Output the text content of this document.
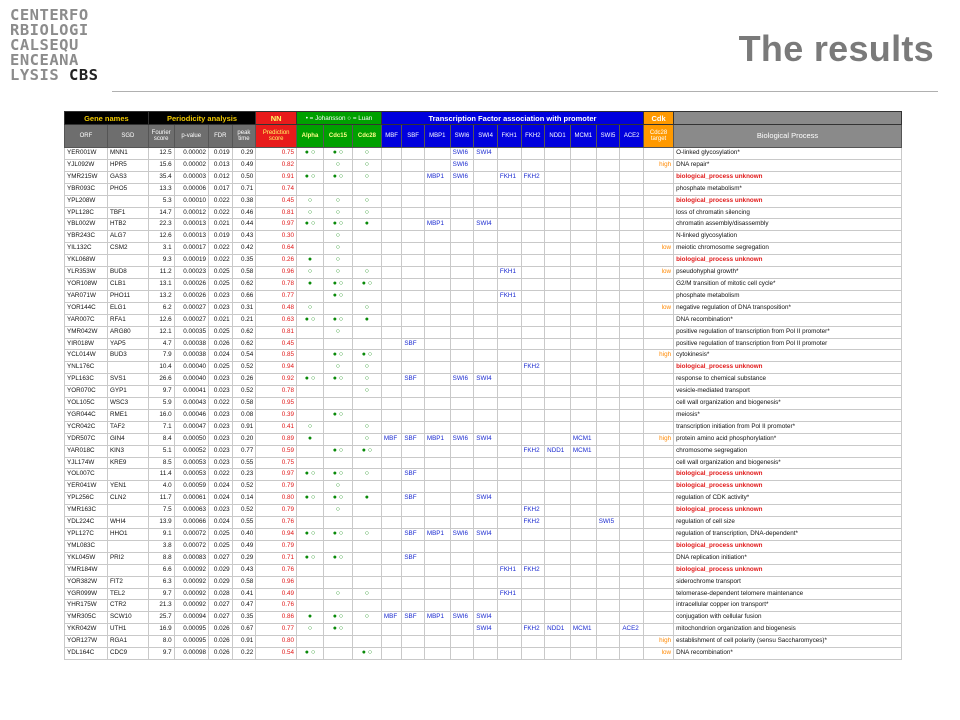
CENTERFO
RBIOLOGI
CALSEQU
ENCEANA
LYSIS CBS
The results
Gene names		Periodicity analysis				NN	• = Johansson ○ = Luan			Transcription Factor association with promoter											Cdk	
ORF	SGD	Fourier score	p-value	FDR	peak time	Prediction score	Alpha	Cdc15	Cdc28	MBF	SBF	MBP1	SWI6	SWI4	FKH1	FKH2	NDD1	MCM1	SWI5	ACE2	Cdc28 target	Biological Process
YER001W	MNN1	12.5	0.00002	0.019	0.29	0.75	● ○	● ○	○				SWI6	SWI4								O-linked glycosylation*
YJL092W	HPR5	15.6	0.00002	0.013	0.49	0.82		○	○				SWI6								high	DNA repair*
YMR215W	GAS3	35.4	0.00003	0.012	0.50	0.91	● ○	● ○	○			MBP1	SWI6		FKH1	FKH2						biological_process unknown
YBR093C	PHO5	13.3	0.00006	0.017	0.71	0.74																phosphate metabolism*
YPL208W		5.3	0.00010	0.022	0.38	0.45	○	○	○													biological_process unknown
YPL128C	TBF1	14.7	0.00012	0.022	0.46	0.81	○	○	○													loss of chromatin silencing
YBL002W	HTB2	22.3	0.00013	0.021	0.44	0.97	● ○	● ○	●			MBP1		SWI4								chromatin assembly/disassembly
YBR243C	ALG7	12.6	0.00013	0.019	0.43	0.30		○														N-linked glycosylation
YIL132C	CSM2	3.1	0.00017	0.022	0.42	0.64		○													low	meiotic chromosome segregation
YKL068W		9.3	0.00019	0.022	0.35	0.26	●	○														biological_process unknown
YLR353W	BUD8	11.2	0.00023	0.025	0.58	0.96	○	○	○						FKH1						low	pseudohyphal growth*
YOR108W	CLB1	13.1	0.00026	0.025	0.62	0.78	●	● ○	● ○													G2/M transition of mitotic cell cycle*
YAR071W	PHO11	13.2	0.00026	0.023	0.66	0.77		● ○							FKH1							phosphate metabolism
YOR144C	ELG1	6.2	0.00027	0.023	0.31	0.48	○		○												low	negative regulation of DNA transposition*
YAR007C	RFA1	12.6	0.00027	0.021	0.21	0.63	● ○	● ○	●													DNA recombination*
YMR042W	ARG80	12.1	0.00035	0.025	0.62	0.81		○														positive regulation of transcription from Pol II promoter*
YIR018W	YAP5	4.7	0.00038	0.026	0.62	0.45					SBF											positive regulation of transcription from Pol II promoter
YCL014W	BUD3	7.9	0.00038	0.024	0.54	0.85		● ○	● ○												high	cytokinesis*
YNL176C		10.4	0.00040	0.025	0.52	0.94		○	○							FKH2						biological_process unknown
YPL163C	SVS1	26.6	0.00040	0.023	0.26	0.92	● ○	● ○	○		SBF		SWI6	SWI4								response to chemical substance
YOR070C	GYP1	9.7	0.00041	0.023	0.52	0.78			○													vesicle-mediated transport
YOL105C	WSC3	5.9	0.00043	0.022	0.58	0.95																cell wall organization and biogenesis*
YGR044C	RME1	16.0	0.00046	0.023	0.08	0.39		● ○														meiosis*
YCR042C	TAF2	7.1	0.00047	0.023	0.91	0.41	○		○													transcription initiation from Pol II promoter*
YDR507C	GIN4	8.4	0.00050	0.023	0.20	0.89	●		○	MBF	SBF	MBP1	SWI6	SWI4				MCM1			high	protein amino acid phosphorylation*
YAR018C	KIN3	5.1	0.00052	0.023	0.77	0.59		● ○	● ○							FKH2	NDD1	MCM1				chromosome segregation
YJL174W	KRE9	8.5	0.00053	0.023	0.55	0.75																cell wall organization and biogenesis*
YOL007C		11.4	0.00053	0.022	0.23	0.97	● ○	● ○	○		SBF											biological_process unknown
YER041W	YEN1	4.0	0.00059	0.024	0.52	0.79		○														biological_process unknown
YPL256C	CLN2	11.7	0.00061	0.024	0.14	0.80	● ○	● ○	●		SBF			SWI4								regulation of CDK activity*
YMR163C		7.5	0.00063	0.023	0.52	0.79		○								FKH2						biological_process unknown
YDL224C	WHI4	13.9	0.00066	0.024	0.55	0.76										FKH2			SWI5			regulation of cell size
YPL127C	HHO1	9.1	0.00072	0.025	0.40	0.94	● ○	● ○	○		SBF	MBP1	SWI6	SWI4								regulation of transcription, DNA-dependent*
YML083C		3.8	0.00072	0.025	0.49	0.79																biological_process unknown
YKL045W	PRI2	8.8	0.00083	0.027	0.29	0.71	● ○	● ○			SBF											DNA replication initiation*
YMR184W		6.6	0.00092	0.029	0.43	0.76									FKH1	FKH2						biological_process unknown
YOR382W	FIT2	6.3	0.00092	0.029	0.58	0.96																siderochrome transport
YGR099W	TEL2	9.7	0.00092	0.028	0.41	0.49		○	○						FKH1							telomerase-dependent telomere maintenance
YHR175W	CTR2	21.3	0.00092	0.027	0.47	0.76																intracellular copper ion transport*
YMR305C	SCW10	25.7	0.00094	0.027	0.35	0.86	●	● ○	○	MBF	SBF	MBP1	SWI6	SWI4								conjugation with cellular fusion
YKR042W	UTH1	16.9	0.00095	0.026	0.67	0.77	○	● ○						SWI4		FKH2	NDD1	MCM1		ACE2		mitochondrion organization and biogenesis
YOR127W	RGA1	8.0	0.00095	0.026	0.91	0.80															high	establishment of cell polarity (sensu Saccharomyces)*
YDL164C	CDC9	9.7	0.00098	0.026	0.22	0.54	● ○		● ○												low	DNA recombination*
